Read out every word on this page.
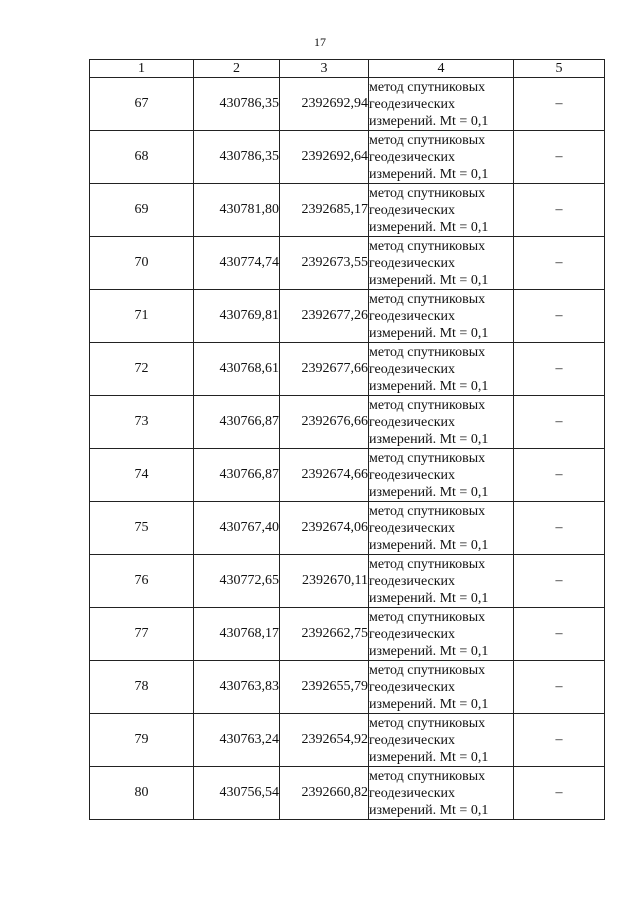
17
1	2	3	4	5
67	430786,35	2392692,94	метод спутниковых
геодезических
измерений. Mt = 0,1	–
68	430786,35	2392692,64	метод спутниковых
геодезических
измерений. Mt = 0,1	–
69	430781,80	2392685,17	метод спутниковых
геодезических
измерений. Mt = 0,1	–
70	430774,74	2392673,55	метод спутниковых
геодезических
измерений. Mt = 0,1	–
71	430769,81	2392677,26	метод спутниковых
геодезических
измерений. Mt = 0,1	–
72	430768,61	2392677,66	метод спутниковых
геодезических
измерений. Mt = 0,1	–
73	430766,87	2392676,66	метод спутниковых
геодезических
измерений. Mt = 0,1	–
74	430766,87	2392674,66	метод спутниковых
геодезических
измерений. Mt = 0,1	–
75	430767,40	2392674,06	метод спутниковых
геодезических
измерений. Mt = 0,1	–
76	430772,65	2392670,11	метод спутниковых
геодезических
измерений. Mt = 0,1	–
77	430768,17	2392662,75	метод спутниковых
геодезических
измерений. Mt = 0,1	–
78	430763,83	2392655,79	метод спутниковых
геодезических
измерений. Mt = 0,1	–
79	430763,24	2392654,92	метод спутниковых
геодезических
измерений. Mt = 0,1	–
80	430756,54	2392660,82	метод спутниковых
геодезических
измерений. Mt = 0,1	–
